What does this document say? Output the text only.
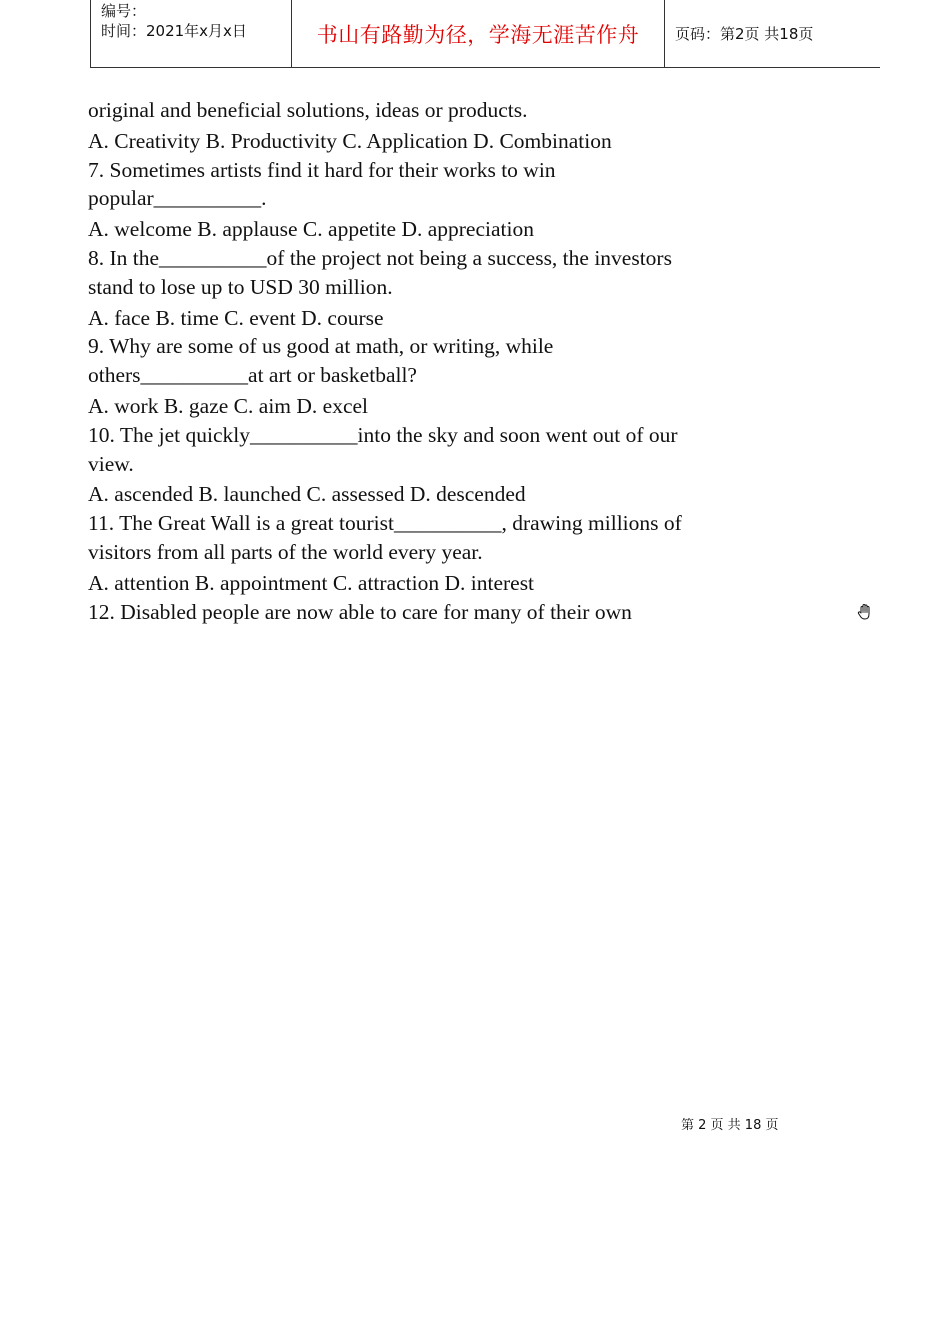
编号：
时间：2021年x月x日	书山有路勤为径，学海无涯苦作舟 页码：第2页 共18页

original and beneficial solutions, ideas or products.

A. Creativity B. Productivity C. Application D. Combination

7. Sometimes artists find it hard for their works to win

popular__________.

A. welcome B. applause C. appetite D. appreciation

8. In the__________of the project not being a success, the investors

stand to lose up to USD 30 million.

A. face B. time C. event D. course

9. Why are some of us good at math, or writing, while

others__________at art or basketball?

A. work B. gaze C. aim D. excel

10. The jet quickly__________into the sky and soon went out of our

view.

A. ascended B. launched C. assessed D. descended

11. The Great Wall is a great tourist__________, drawing millions of

visitors from all parts of the world every year.

A. attention B. appointment C. attraction D. interest

12. Disabled people are now able to care for many of their own

第 2 页 共 18 页
